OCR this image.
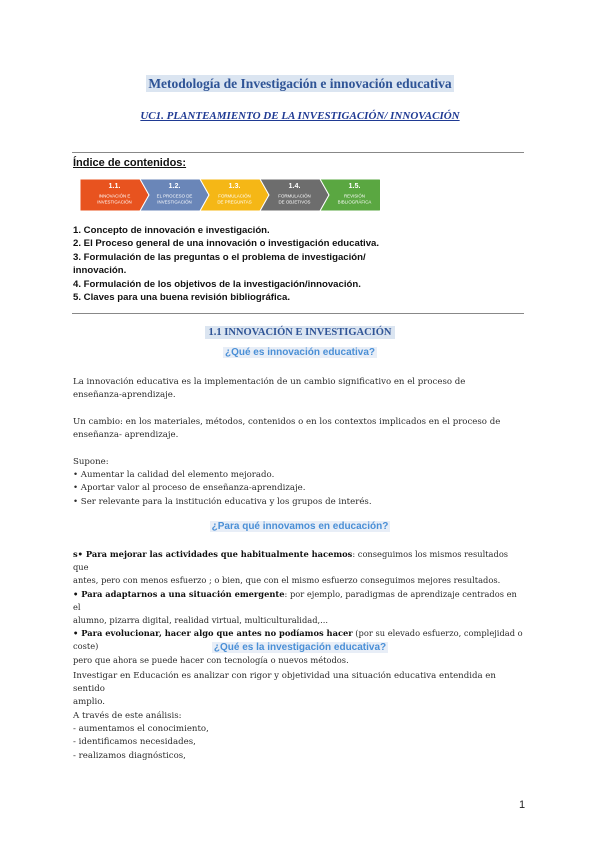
Metodología de Investigación e innovación educativa
UC1. PLANTEAMIENTO DE LA INVESTIGACIÓN/ INNOVACIÓN
Índice de contenidos:
1.1.
INNOVACIÓN E
INVESTIGACIÓN
1.2.
EL PROCESO DE
INVESTIGACIÓN
1.3.
FORMULACIÓN
DE PREGUNTAS
1.4.
FORMULACIÓN
DE OBJETIVOS
1.5.
REVISIÓN
BIBLIOGRÁFICA
1. Concepto de innovación e investigación.
2. El Proceso general de una innovación o investigación educativa.
3. Formulación de las preguntas o el problema de investigación/
innovación.
4. Formulación de los objetivos de la investigación/innovación.
5. Claves para una buena revisión bibliográfica.
1.1 INNOVACIÓN E INVESTIGACIÓN
¿Qué es innovación educativa?
La innovación educativa es la implementación de un cambio significativo en el proceso de
enseñanza-aprendizaje.
Un cambio: en los materiales, métodos, contenidos o en los contextos implicados en el proceso de
enseñanza- aprendizaje.
Supone:
• Aumentar la calidad del elemento mejorado.
• Aportar valor al proceso de enseñanza-aprendizaje.
• Ser relevante para la institución educativa y los grupos de interés.
¿Para qué innovamos en educación?
s• Para mejorar las actividades que habitualmente hacemos: conseguimos los mismos resultados que
antes, pero con menos esfuerzo ; o bien, que con el mismo esfuerzo conseguimos mejores resultados.
• Para adaptarnos a una situación emergente: por ejemplo, paradigmas de aprendizaje centrados en el
alumno, pizarra digital, realidad virtual, multiculturalidad,...
• Para evolucionar, hacer algo que antes no podíamos hacer (por su elevado esfuerzo, complejidad o coste)
pero que ahora se puede hacer con tecnología o nuevos métodos.
¿Qué es la investigación educativa?
Investigar en Educación es analizar con rigor y objetividad una situación educativa entendida en sentido
amplio.
A través de este análisis:
- aumentamos el conocimiento,
- identificamos necesidades,
- realizamos diagnósticos,
1
